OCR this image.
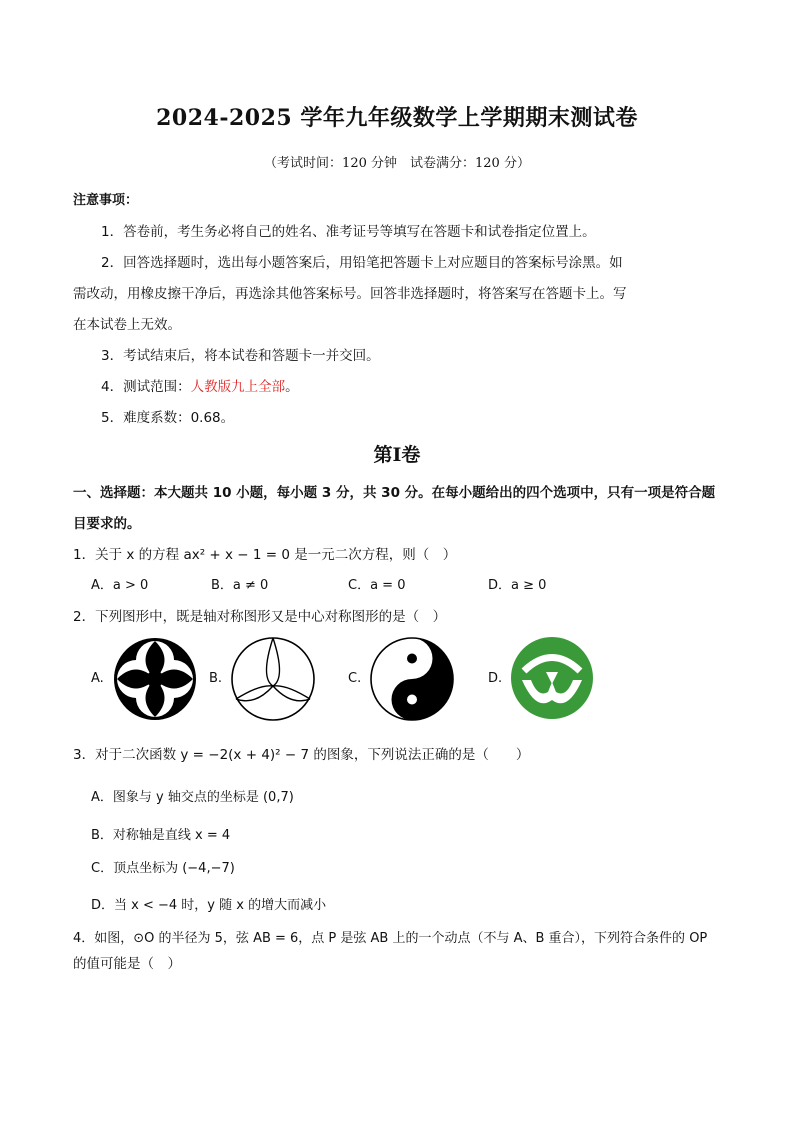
2024-2025 学年九年级数学上学期期末测试卷
（考试时间：120 分钟　试卷满分：120 分）
注意事项：
1．答卷前，考生务必将自己的姓名、准考证号等填写在答题卡和试卷指定位置上。
2．回答选择题时，选出每小题答案后，用铅笔把答题卡上对应题目的答案标号涂黑。如
需改动，用橡皮擦干净后，再选涂其他答案标号。回答非选择题时，将答案写在答题卡上。写
在本试卷上无效。
3．考试结束后，将本试卷和答题卡一并交回。
4．测试范围：人教版九上全部。
5．难度系数：0.68。
第Ⅰ卷
一、选择题：本大题共 10 小题，每小题 3 分，共 30 分。在每小题给出的四个选项中，只有一项是符合题
目要求的。
1．关于 x 的方程 ax² + x − 1 = 0 是一元二次方程，则（　）
A．a > 0	B．a ≠ 0	C．a = 0	D．a ≥ 0
2．下列图形中，既是轴对称图形又是中心对称图形的是（　）
A.	B.	C.	D.
3．对于二次函数 y = −2(x + 4)² − 7 的图象，下列说法正确的是（　　）
A．图象与 y 轴交点的坐标是 (0,7)
B．对称轴是直线 x = 4
C．顶点坐标为 (−4,−7)
D．当 x < −4 时，y 随 x 的增大而减小
4．如图，⊙O 的半径为 5，弦 AB = 6，点 P 是弦 AB 上的一个动点（不与 A、B 重合），下列符合条件的 OP
的值可能是（　）
